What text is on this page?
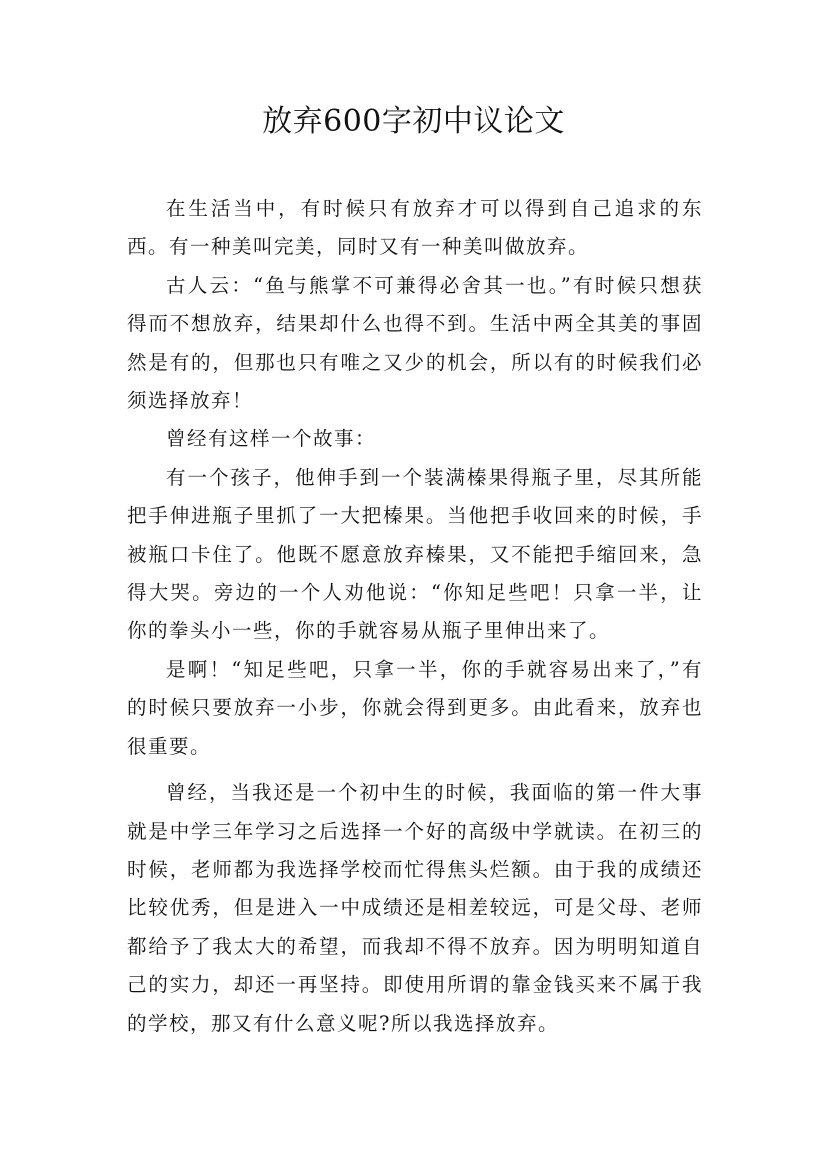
放弃600字初中议论文

在生活当中，有时候只有放弃才可以得到自己追求的东西。有一种美叫完美，同时又有一种美叫做放弃。

古人云：“鱼与熊掌不可兼得必舍其一也。”有时候只想获得而不想放弃，结果却什么也得不到。生活中两全其美的事固然是有的，但那也只有唯之又少的机会，所以有的时候我们必须选择放弃！

曾经有这样一个故事：

有一个孩子，他伸手到一个装满榛果得瓶子里，尽其所能把手伸进瓶子里抓了一大把榛果。当他把手收回来的时候，手被瓶口卡住了。他既不愿意放弃榛果，又不能把手缩回来，急得大哭。旁边的一个人劝他说：“你知足些吧！只拿一半，让你的拳头小一些，你的手就容易从瓶子里伸出来了。

是啊！“知足些吧，只拿一半，你的手就容易出来了，”有的时候只要放弃一小步，你就会得到更多。由此看来，放弃也很重要。

曾经，当我还是一个初中生的时候，我面临的第一件大事就是中学三年学习之后选择一个好的高级中学就读。在初三的时候，老师都为我选择学校而忙得焦头烂额。由于我的成绩还比较优秀，但是进入一中成绩还是相差较远，可是父母、老师都给予了我太大的希望，而我却不得不放弃。因为明明知道自己的实力，却还一再坚持。即使用所谓的靠金钱买来不属于我的学校，那又有什么意义呢?所以我选择放弃。
